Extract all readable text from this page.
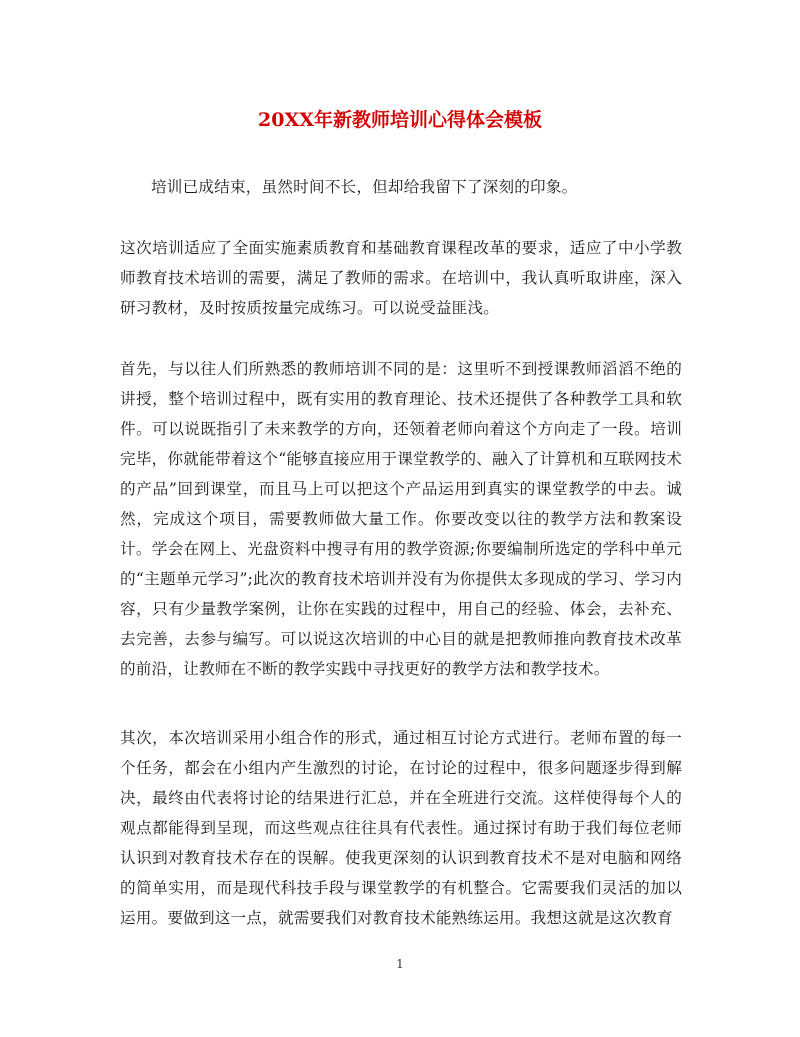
20XX年新教师培训心得体会模板

培训已成结束，虽然时间不长，但却给我留下了深刻的印象。

这次培训适应了全面实施素质教育和基础教育课程改革的要求，适应了中小学教师教育技术培训的需要，满足了教师的需求。在培训中，我认真听取讲座，深入研习教材，及时按质按量完成练习。可以说受益匪浅。

首先，与以往人们所熟悉的教师培训不同的是：这里听不到授课教师滔滔不绝的讲授，整个培训过程中，既有实用的教育理论、技术还提供了各种教学工具和软件。可以说既指引了未来教学的方向，还领着老师向着这个方向走了一段。培训完毕，你就能带着这个“能够直接应用于课堂教学的、融入了计算机和互联网技术的产品”回到课堂，而且马上可以把这个产品运用到真实的课堂教学的中去。诚然，完成这个项目，需要教师做大量工作。你要改变以往的教学方法和教案设计。学会在网上、光盘资料中搜寻有用的教学资源;你要编制所选定的学科中单元的“主题单元学习”;此次的教育技术培训并没有为你提供太多现成的学习、学习内容，只有少量教学案例，让你在实践的过程中，用自己的经验、体会，去补充、去完善，去参与编写。可以说这次培训的中心目的就是把教师推向教育技术改革的前沿，让教师在不断的教学实践中寻找更好的教学方法和教学技术。

其次，本次培训采用小组合作的形式，通过相互讨论方式进行。老师布置的每一个任务，都会在小组内产生激烈的讨论，在讨论的过程中，很多问题逐步得到解决，最终由代表将讨论的结果进行汇总，并在全班进行交流。这样使得每个人的观点都能得到呈现，而这些观点往往具有代表性。通过探讨有助于我们每位老师认识到对教育技术存在的误解。使我更深刻的认识到教育技术不是对电脑和网络的简单实用，而是现代科技手段与课堂教学的有机整合。它需要我们灵活的加以运用。要做到这一点，就需要我们对教育技术能熟练运用。我想这就是这次教育

1
